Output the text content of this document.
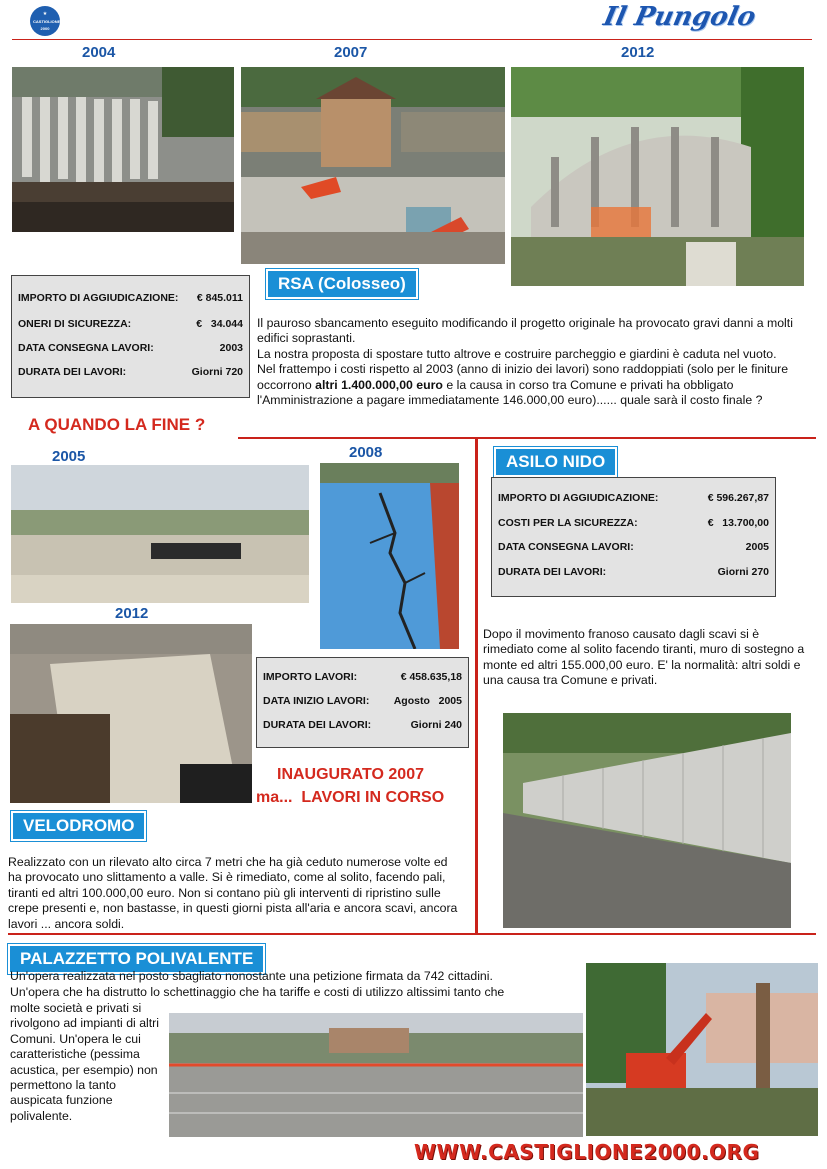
★
CASTIGLIONE 2000	Il Pungolo
2004	2007	2012
RSA (Colosseo)
IMPORTO DI AGGIUDICAZIONE: € 845.011
ONERI DI SICUREZZA:	€   34.044
DATA CONSEGNA LAVORI:	2003
DURATA DEI LAVORI:	Giorni 720
Il pauroso sbancamento eseguito modificando il progetto originale ha provocato gravi danni a molti edifici soprastanti.
La nostra proposta di spostare tutto altrove e costruire parcheggio e giardini è caduta nel vuoto.
Nel frattempo i costi rispetto al 2003 (anno di inizio dei lavori) sono raddoppiati (solo per le finiture occorrono altri 1.400.000,00 euro e la causa in corso tra Comune e privati ha obbligato l'Amministrazione a pagare immediatamente 146.000,00 euro)...... quale sarà il costo finale ?
A QUANDO LA FINE ?
2005	2008
2012
IMPORTO LAVORI:	€ 458.635,18
DATA INIZIO LAVORI: Agosto   2005
DURATA DEI LAVORI:	Giorni 240
INAUGURATO 2007
ma...  LAVORI IN CORSO
VELODROMO
Realizzato con un rilevato alto circa 7 metri che ha già ceduto numerose volte ed ha provocato uno slittamento a valle. Si è rimediato, come al solito, facendo pali, tiranti ed altri 100.000,00 euro. Non si contano più gli interventi di ripristino sulle crepe presenti e, non bastasse, in questi giorni pista all'aria e ancora scavi, ancora lavori ... ancora soldi.
ASILO NIDO
IMPORTO DI AGGIUDICAZIONE:	€ 596.267,87
COSTI PER LA SICUREZZA:	€   13.700,00
DATA CONSEGNA LAVORI:	2005
DURATA DEI LAVORI:	Giorni 270
Dopo il movimento franoso causato dagli scavi si è rimediato come al solito facendo tiranti, muro di sostegno a monte ed altri 155.000,00 euro. E' la normalità: altri soldi e una causa tra Comune e privati.
PALAZZETTO POLIVALENTE
Un'opera realizzata nel posto sbagliato nonostante una petizione firmata da 742 cittadini.
Un'opera che ha distrutto lo schettinaggio che ha tariffe e costi di utilizzo altissimi tanto che
molte società e privati si rivolgono ad impianti di altri Comuni. Un'opera le cui caratteristiche (pessima acustica, per esempio) non permettono la tanto auspicata funzione polivalente.
WWW.CASTIGLIONE2000.ORG
